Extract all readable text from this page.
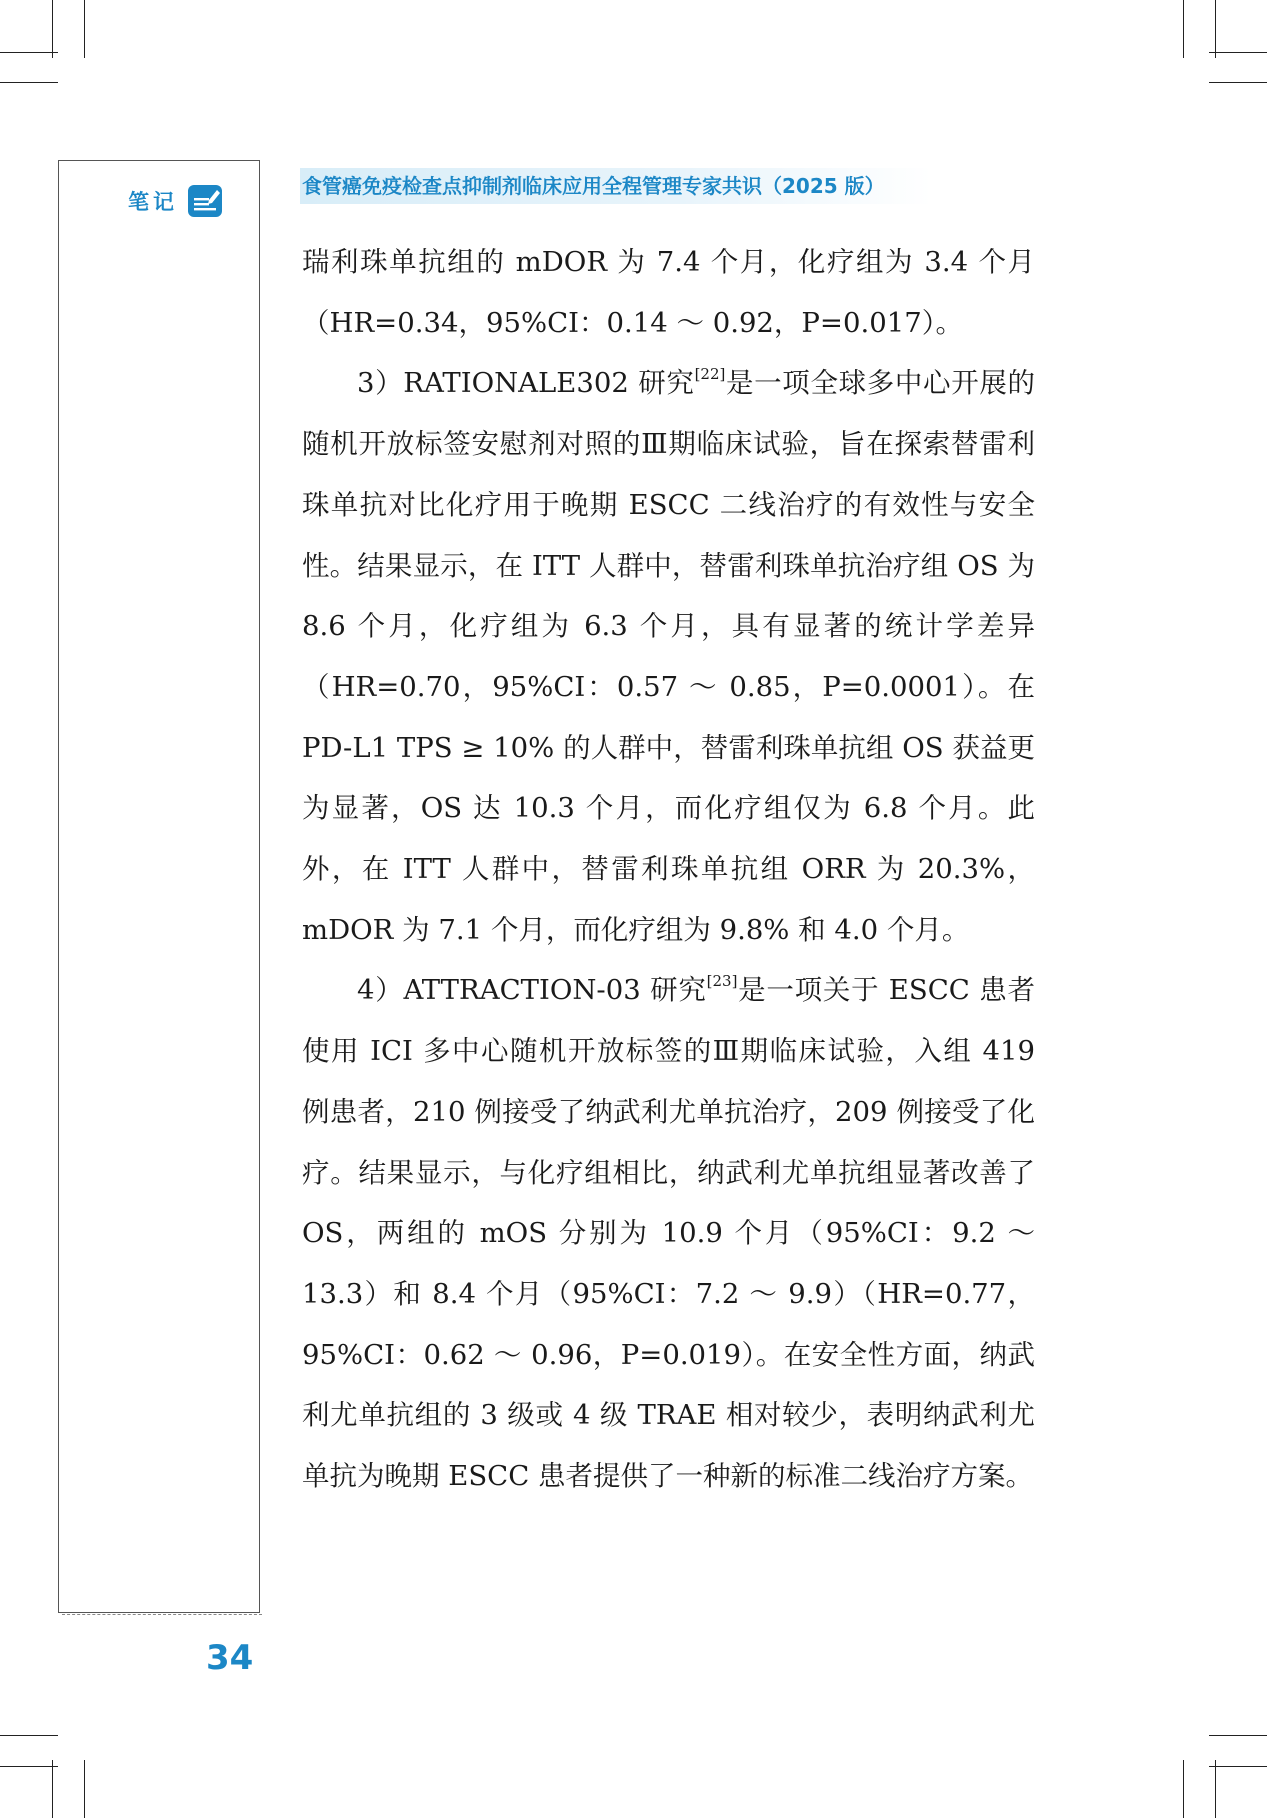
笔记
34
食管癌免疫检查点抑制剂临床应用全程管理专家共识（2025 版）

瑞利珠单抗组的 mDOR 为 7.4 个月，化疗组为 3.4 个月（HR=0.34，95%CI：0.14 ～ 0.92，P=0.017）。

3）RATIONALE302 研究[22]是一项全球多中心开展的随机开放标签安慰剂对照的Ⅲ期临床试验，旨在探索替雷利珠单抗对比化疗用于晚期 ESCC 二线治疗的有效性与安全性。结果显示，在 ITT 人群中，替雷利珠单抗治疗组 OS 为 8.6 个月，化疗组为 6.3 个月，具有显著的统计学差异（HR=0.70，95%CI：0.57 ～ 0.85，P=0.0001）。在 PD-L1 TPS ≥ 10% 的人群中，替雷利珠单抗组 OS 获益更为显著，OS 达 10.3 个月，而化疗组仅为 6.8 个月。此外，在 ITT 人群中，替雷利珠单抗组 ORR 为 20.3%，mDOR 为 7.1 个月，而化疗组为 9.8% 和 4.0 个月。

4）ATTRACTION-03 研究[23]是一项关于 ESCC 患者使用 ICI 多中心随机开放标签的Ⅲ期临床试验，入组 419 例患者，210 例接受了纳武利尤单抗治疗，209 例接受了化疗。结果显示，与化疗组相比，纳武利尤单抗组显著改善了 OS，两组的 mOS 分别为 10.9 个月（95%CI：9.2 ～ 13.3）和 8.4 个月（95%CI：7.2 ～ 9.9）（HR=0.77，95%CI：0.62 ～ 0.96，P=0.019）。在安全性方面，纳武利尤单抗组的 3 级或 4 级 TRAE 相对较少，表明纳武利尤单抗为晚期 ESCC 患者提供了一种新的标准二线治疗方案。
